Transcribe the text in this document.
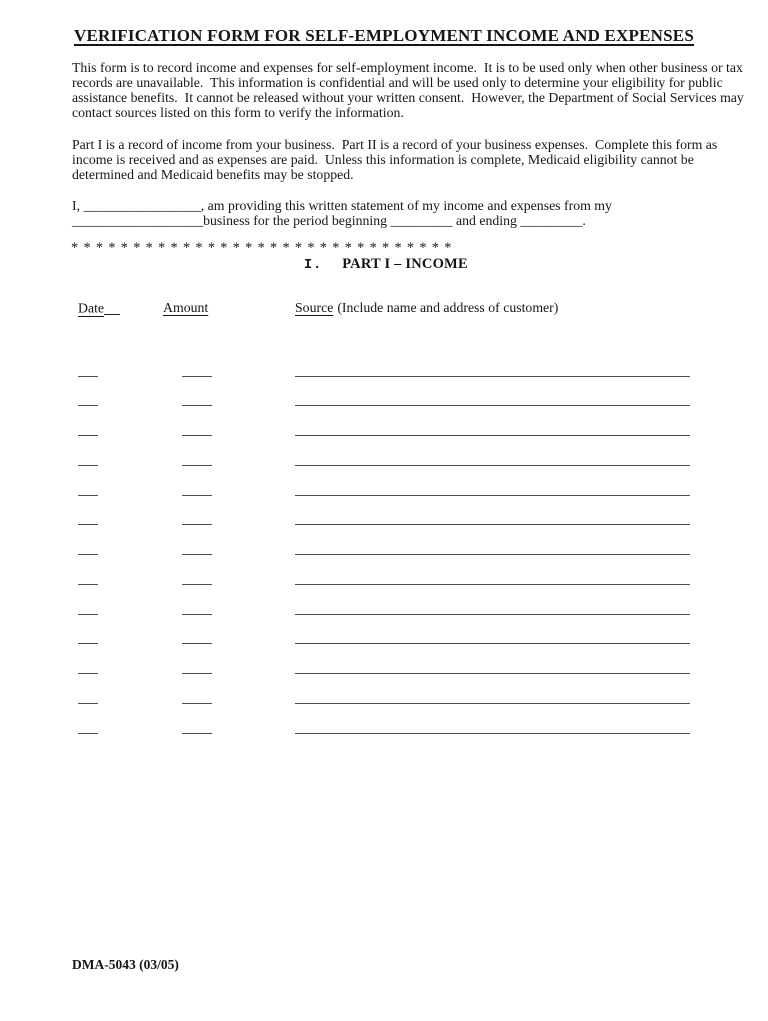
VERIFICATION FORM FOR SELF-EMPLOYMENT INCOME AND EXPENSES
This form is to record income and expenses for self-employment income.  It is to be used only when other business or tax
records are unavailable.  This information is confidential and will be used only to determine your eligibility for public
assistance benefits.  It cannot be released without your written consent.  However, the Department of Social Services may
contact sources listed on this form to verify the information.
Part I is a record of income from your business.  Part II is a record of your business expenses.  Complete this form as
income is received and as expenses are paid.  Unless this information is complete, Medicaid eligibility cannot be
determined and Medicaid benefits may be stopped.
I, _________________, am providing this written statement of my income and expenses from my
___________________business for the period beginning _________ and ending _________.
* * * * * * * * * * * * * * * * * * * * * * * * * * * * * * *
I. PART I – INCOME
Date	Amount	Source (Include name and address of customer)
DMA-5043 (03/05)
